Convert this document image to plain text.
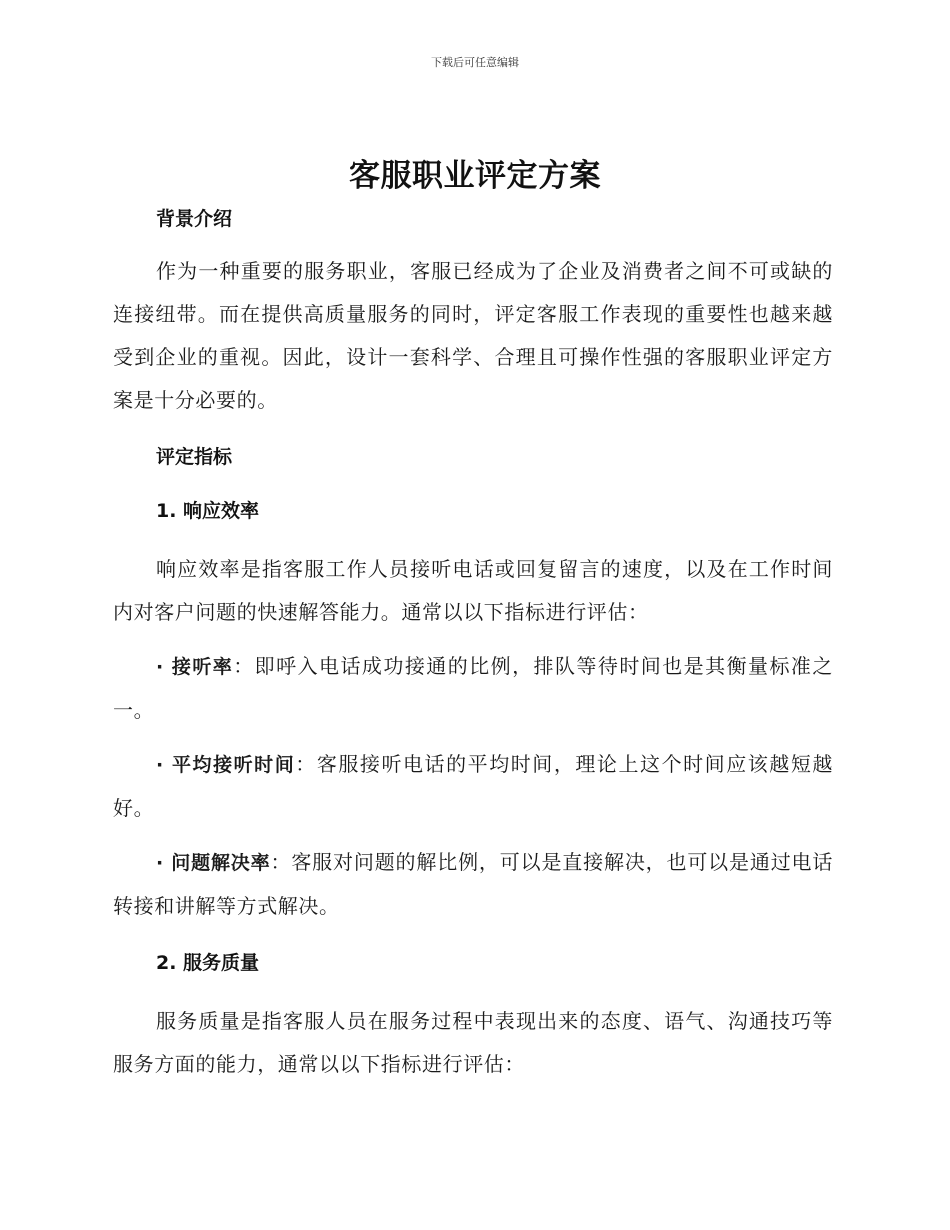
下载后可任意编辑
客服职业评定方案

背景介绍

作为一种重要的服务职业，客服已经成为了企业及消费者之间不可或缺的连接纽带。而在提供高质量服务的同时，评定客服工作表现的重要性也越来越受到企业的重视。因此，设计一套科学、合理且可操作性强的客服职业评定方案是十分必要的。

评定指标

1. 响应效率

响应效率是指客服工作人员接听电话或回复留言的速度，以及在工作时间内对客户问题的快速解答能力。通常以以下指标进行评估：

· 接听率：即呼入电话成功接通的比例，排队等待时间也是其衡量标准之一。

· 平均接听时间：客服接听电话的平均时间，理论上这个时间应该越短越好。

· 问题解决率：客服对问题的解比例，可以是直接解决，也可以是通过电话转接和讲解等方式解决。

2. 服务质量

服务质量是指客服人员在服务过程中表现出来的态度、语气、沟通技巧等服务方面的能力，通常以以下指标进行评估：
